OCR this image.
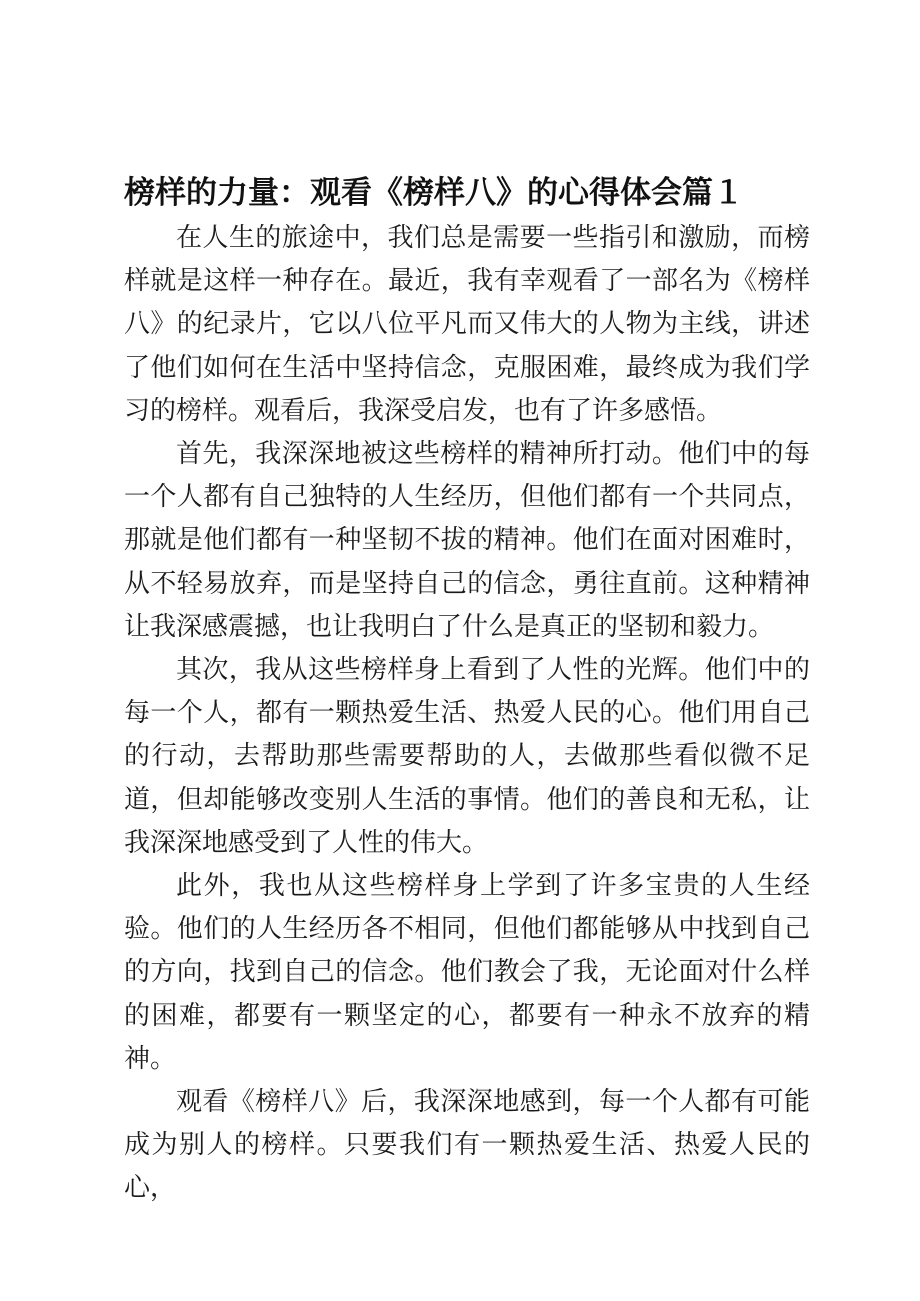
榜样的力量：观看《榜样八》的心得体会篇１

在人生的旅途中，我们总是需要一些指引和激励，而榜样就是这样一种存在。最近，我有幸观看了一部名为《榜样八》的纪录片，它以八位平凡而又伟大的人物为主线，讲述了他们如何在生活中坚持信念，克服困难，最终成为我们学习的榜样。观看后，我深受启发，也有了许多感悟。

首先，我深深地被这些榜样的精神所打动。他们中的每一个人都有自己独特的人生经历，但他们都有一个共同点，那就是他们都有一种坚韧不拔的精神。他们在面对困难时，从不轻易放弃，而是坚持自己的信念，勇往直前。这种精神让我深感震撼，也让我明白了什么是真正的坚韧和毅力。

其次，我从这些榜样身上看到了人性的光辉。他们中的每一个人，都有一颗热爱生活、热爱人民的心。他们用自己的行动，去帮助那些需要帮助的人，去做那些看似微不足道，但却能够改变别人生活的事情。他们的善良和无私，让我深深地感受到了人性的伟大。

此外，我也从这些榜样身上学到了许多宝贵的人生经验。他们的人生经历各不相同，但他们都能够从中找到自己的方向，找到自己的信念。他们教会了我，无论面对什么样的困难，都要有一颗坚定的心，都要有一种永不放弃的精神。

观看《榜样八》后，我深深地感到，每一个人都有可能成为别人的榜样。只要我们有一颗热爱生活、热爱人民的心，
